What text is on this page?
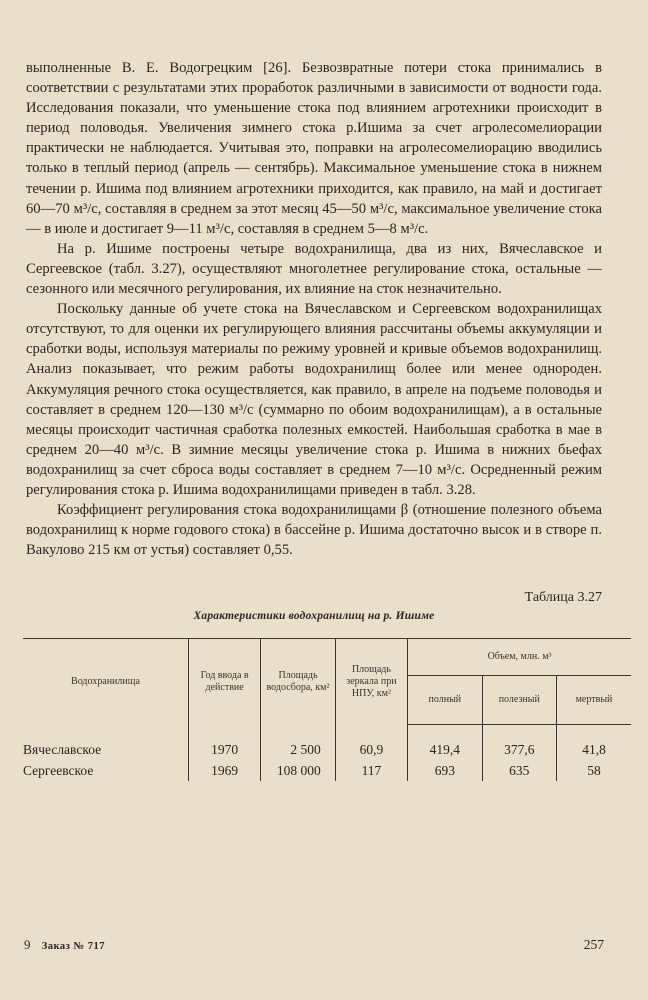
выполненные В. Е. Водогрецким [26]. Безвозвратные потери стока принимались в соответствии с результатами этих проработок различными в зависимости от водности года. Исследования показали, что уменьшение стока под влиянием агротехники происходит в период половодья. Увеличения зимнего стока р.Ишима за счет агролесомелиорации практически не наблюдается. Учитывая это, поправки на агролесомелиорацию вводились только в теплый период (апрель — сентябрь). Максимальное уменьшение стока в нижнем течении р. Ишима под влиянием агротехники приходится, как правило, на май и достигает 60—70 м³/с, составляя в среднем за этот месяц 45—50 м³/с, максимальное увеличение стока — в июле и достигает 9—11 м³/с, составляя в среднем 5—8 м³/с.

На р. Ишиме построены четыре водохранилища, два из них, Вячеславское и Сергеевское (табл. 3.27), осуществляют многолетнее регулирование стока, остальные — сезонного или месячного регулирования, их влияние на сток незначительно.

Поскольку данные об учете стока на Вячеславском и Сергеевском водохранилищах отсутствуют, то для оценки их регулирующего влияния рассчитаны объемы аккумуляции и сработки воды, используя материалы по режиму уровней и кривые объемов водохранилищ. Анализ показывает, что режим работы водохранилищ более или менее однороден. Аккумуляция речного стока осуществляется, как правило, в апреле на подъеме половодья и составляет в среднем 120—130 м³/с (суммарно по обоим водохранилищам), а в остальные месяцы происходит частичная сработка полезных емкостей. Наибольшая сработка в мае в среднем 20—40 м³/с. В зимние месяцы увеличение стока р. Ишима в нижних бьефах водохранилищ за счет сброса воды составляет в среднем 7—10 м³/с. Осредненный режим регулирования стока р. Ишима водохранилищами приведен в табл. 3.28.

Коэффициент регулирования стока водохранилищами β (отношение полезного объема водохранилищ к норме годового стока) в бассейне р. Ишима достаточно высок и в створе п. Вакулово 215 км от устья) составляет 0,55.

Таблица 3.27
Характеристики водохранилищ на р. Ишиме
Водохранилища	Год ввода в действие	Площадь водосбора, км²	Площадь зеркала при НПУ, км²	Объем, млн. м³		
				полный	полезный	мертвый
Вячеславское	1970	2 500	60,9	419,4	377,6	41,8
Сергеевское	1969	108 000	117	693	635	58
9 Заказ № 717	257
